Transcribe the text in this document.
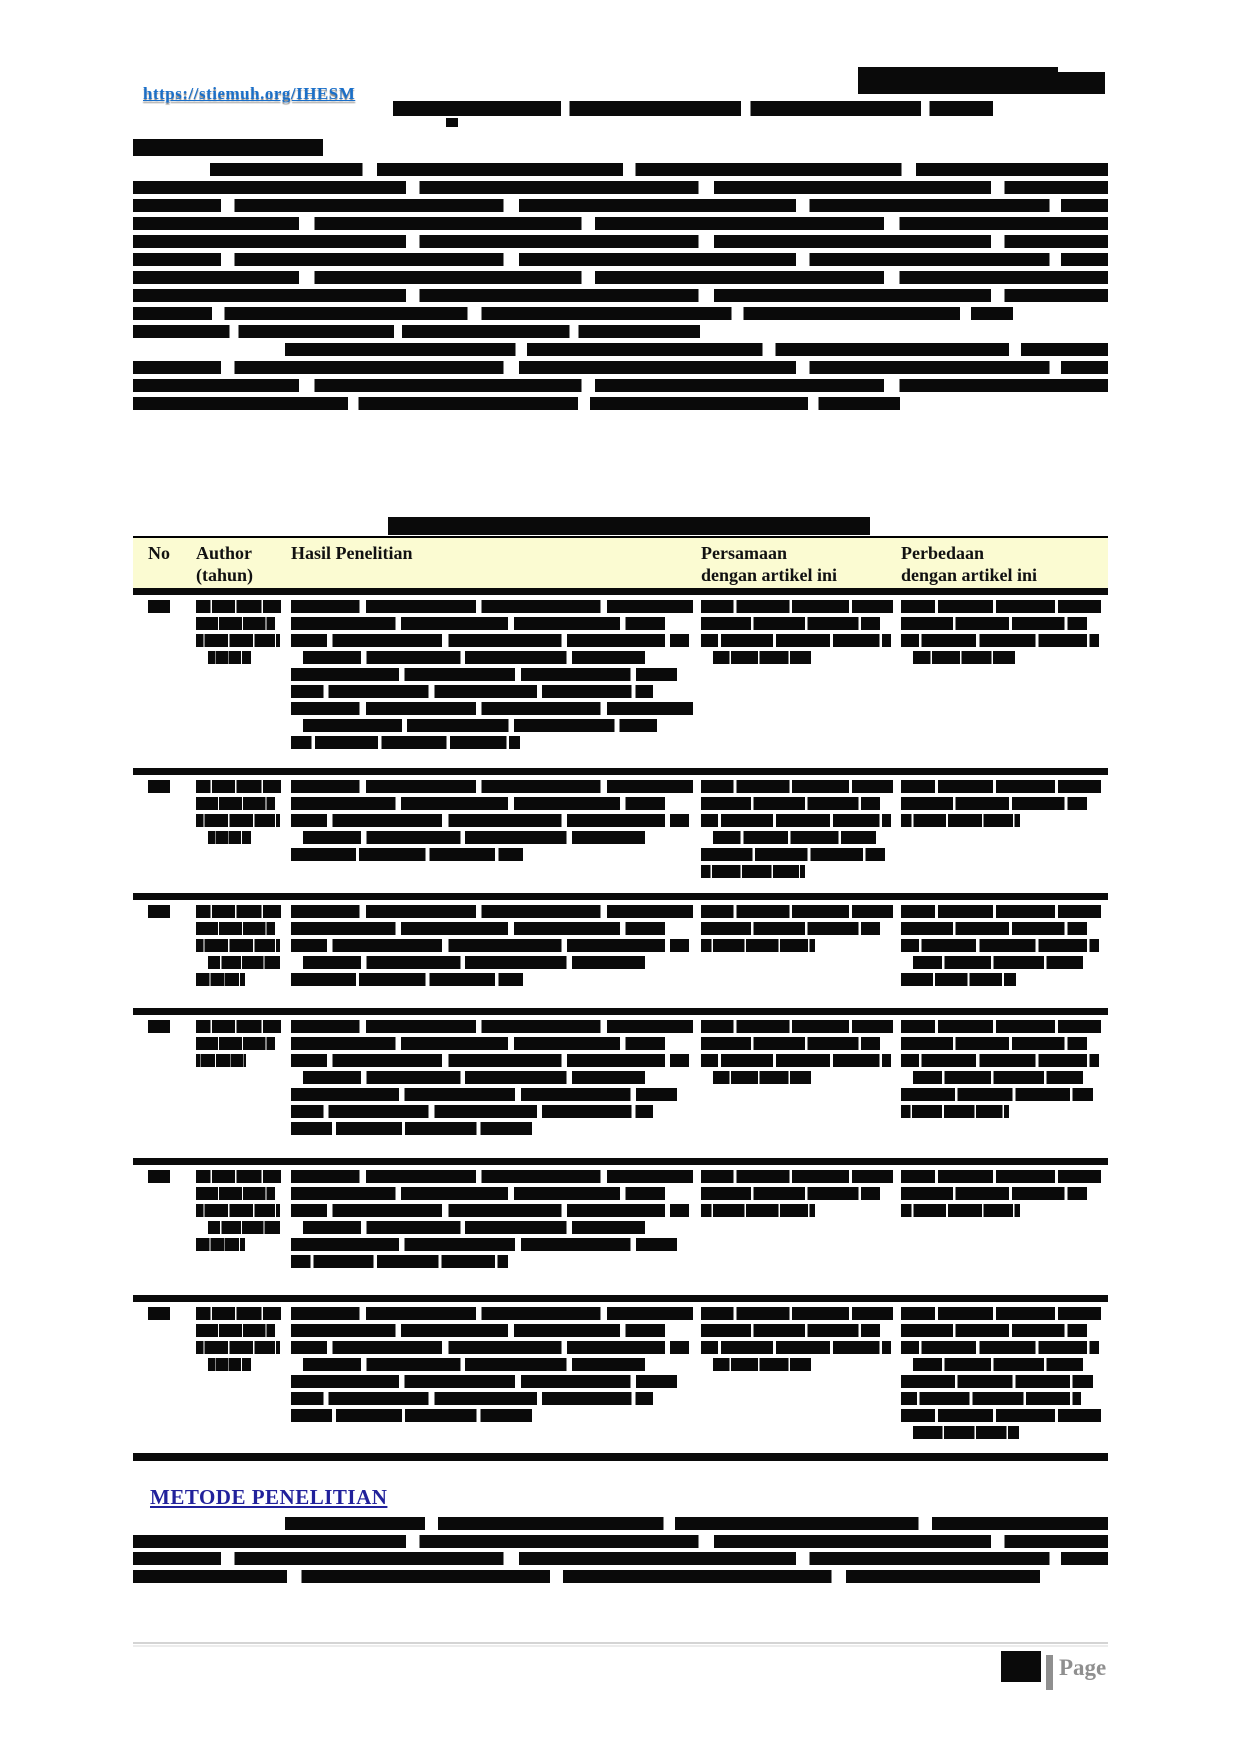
https://stiemuh.org/IHESM
No Author
(tahun)
Hasil Penelitian	Persamaan
dengan artikel ini
Perbedaan
dengan artikel ini
METODE PENELITIAN
Page
